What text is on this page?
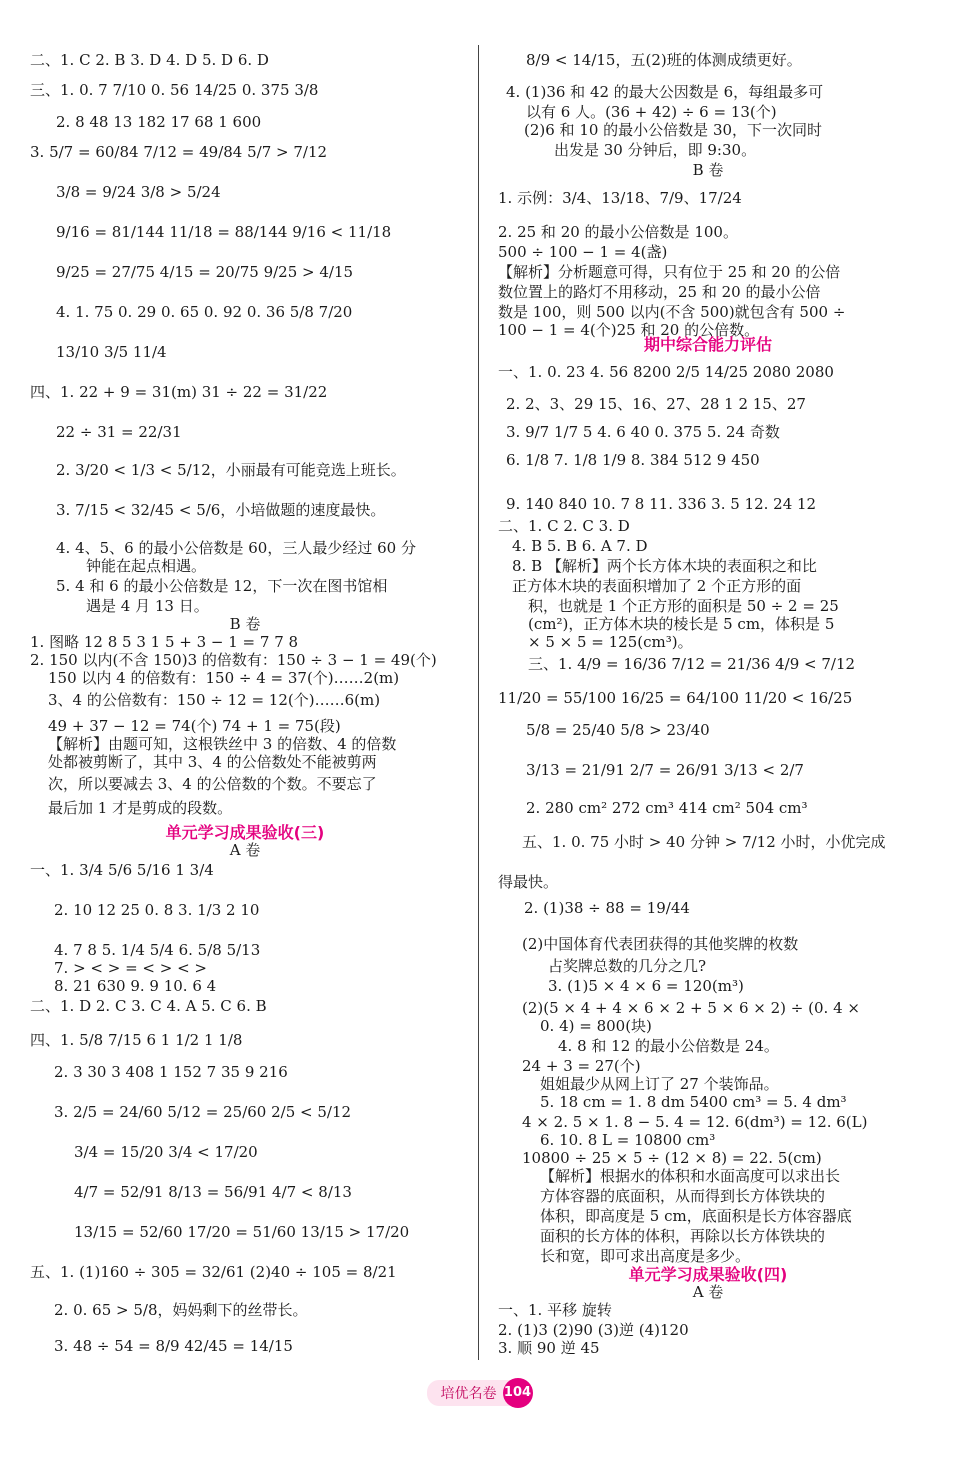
二、1. C 2. B 3. D 4. D 5. D 6. D
三、1. 0. 7 7/10 0. 56 14/25 0. 375 3/8
2. 8 48 13 182 17 68 1 600
3. 5/7 = 60/84 7/12 = 49/84 5/7 > 7/12
3/8 = 9/24 3/8 > 5/24
9/16 = 81/144 11/18 = 88/144 9/16 < 11/18
9/25 = 27/75 4/15 = 20/75 9/25 > 4/15
4. 1. 75 0. 29 0. 65 0. 92 0. 36 5/8 7/20
13/10 3/5 11/4
四、1. 22 + 9 = 31(m) 31 ÷ 22 = 31/22
22 ÷ 31 = 22/31
2. 3/20 < 1/3 < 5/12，小丽最有可能竞选上班长。
3. 7/15 < 32/45 < 5/6，小培做题的速度最快。
4. 4、5、6 的最小公倍数是 60，三人最少经过 60 分
钟能在起点相遇。
5. 4 和 6 的最小公倍数是 12，下一次在图书馆相
遇是 4 月 13 日。
B 卷
1. 图略 12 8 5 3 1 5 + 3 − 1 = 7 7 8
2. 150 以内(不含 150)3 的倍数有：150 ÷ 3 − 1 = 49(个)
150 以内 4 的倍数有：150 ÷ 4 = 37(个)……2(m)
3、4 的公倍数有：150 ÷ 12 = 12(个)……6(m)
49 + 37 − 12 = 74(个) 74 + 1 = 75(段)
【解析】由题可知，这根铁丝中 3 的倍数、4 的倍数
处都被剪断了，其中 3、4 的公倍数处不能被剪两
次，所以要减去 3、4 的公倍数的个数。不要忘了
最后加 1 才是剪成的段数。
单元学习成果验收(三)
A 卷
一、1. 3/4 5/6 5/16 1 3/4
2. 10 12 25 0. 8 3. 1/3 2 10
4. 7 8 5. 1/4 5/4 6. 5/8 5/13
7. > < > = < > < >
8. 21 630 9. 9 10. 6 4
二、1. D 2. C 3. C 4. A 5. C 6. B
四、1. 5/8 7/15 6 1 1/2 1 1/8
2. 3 30 3 408 1 152 7 35 9 216
3. 2/5 = 24/60 5/12 = 25/60 2/5 < 5/12
3/4 = 15/20 3/4 < 17/20
4/7 = 52/91 8/13 = 56/91 4/7 < 8/13
13/15 = 52/60 17/20 = 51/60 13/15 > 17/20
五、1. (1)160 ÷ 305 = 32/61 (2)40 ÷ 105 = 8/21
2. 0. 65 > 5/8，妈妈剩下的丝带长。
3. 48 ÷ 54 = 8/9 42/45 = 14/15
8/9 < 14/15，五(2)班的体测成绩更好。
4. (1)36 和 42 的最大公因数是 6，每组最多可
以有 6 人。(36 + 42) ÷ 6 = 13(个)
(2)6 和 10 的最小公倍数是 30，下一次同时
出发是 30 分钟后，即 9:30。
B 卷
1. 示例：3/4、13/18、7/9、17/24
2. 25 和 20 的最小公倍数是 100。
500 ÷ 100 − 1 = 4(盏)
【解析】分析题意可得，只有位于 25 和 20 的公倍
数位置上的路灯不用移动，25 和 20 的最小公倍
数是 100，则 500 以内(不含 500)就包含有 500 ÷
100 − 1 = 4(个)25 和 20 的公倍数。
期中综合能力评估
一、1. 0. 23 4. 56 8200 2/5 14/25 2080 2080
2. 2、3、29 15、16、27、28 1 2 15、27
3. 9/7 1/7 5 4. 6 40 0. 375 5. 24 奇数
6. 1/8 7. 1/8 1/9 8. 384 512 9 450
9. 140 840 10. 7 8 11. 336 3. 5 12. 24 12
二、1. C 2. C 3. D
4. B 5. B 6. A 7. D
8. B 【解析】两个长方体木块的表面积之和比
正方体木块的表面积增加了 2 个正方形的面
积，也就是 1 个正方形的面积是 50 ÷ 2 = 25
(cm²)，正方体木块的棱长是 5 cm，体积是 5
× 5 × 5 = 125(cm³)。
三、1. 4/9 = 16/36 7/12 = 21/36 4/9 < 7/12
11/20 = 55/100 16/25 = 64/100 11/20 < 16/25
5/8 = 25/40 5/8 > 23/40
3/13 = 21/91 2/7 = 26/91 3/13 < 2/7
2. 280 cm² 272 cm³ 414 cm² 504 cm³
五、1. 0. 75 小时 > 40 分钟 > 7/12 小时，小优完成
得最快。
2. (1)38 ÷ 88 = 19/44
(2)中国体育代表团获得的其他奖牌的枚数
占奖牌总数的几分之几?
3. (1)5 × 4 × 6 = 120(m³)
(2)(5 × 4 + 4 × 6 × 2 + 5 × 6 × 2) ÷ (0. 4 ×
0. 4) = 800(块)
4. 8 和 12 的最小公倍数是 24。
24 + 3 = 27(个)
姐姐最少从网上订了 27 个装饰品。
5. 18 cm = 1. 8 dm 5400 cm³ = 5. 4 dm³
4 × 2. 5 × 1. 8 − 5. 4 = 12. 6(dm³) = 12. 6(L)
6. 10. 8 L = 10800 cm³
10800 ÷ 25 × 5 ÷ (12 × 8) = 22. 5(cm)
【解析】根据水的体积和水面高度可以求出长
方体容器的底面积，从而得到长方体铁块的
体积，即高度是 5 cm，底面积是长方体容器底
面积的长方体的体积，再除以长方体铁块的
长和宽，即可求出高度是多少。
单元学习成果验收(四)
A 卷
一、1. 平移 旋转
2. (1)3 (2)90 (3)逆 (4)120
3. 顺 90 逆 45
培优名卷 104
